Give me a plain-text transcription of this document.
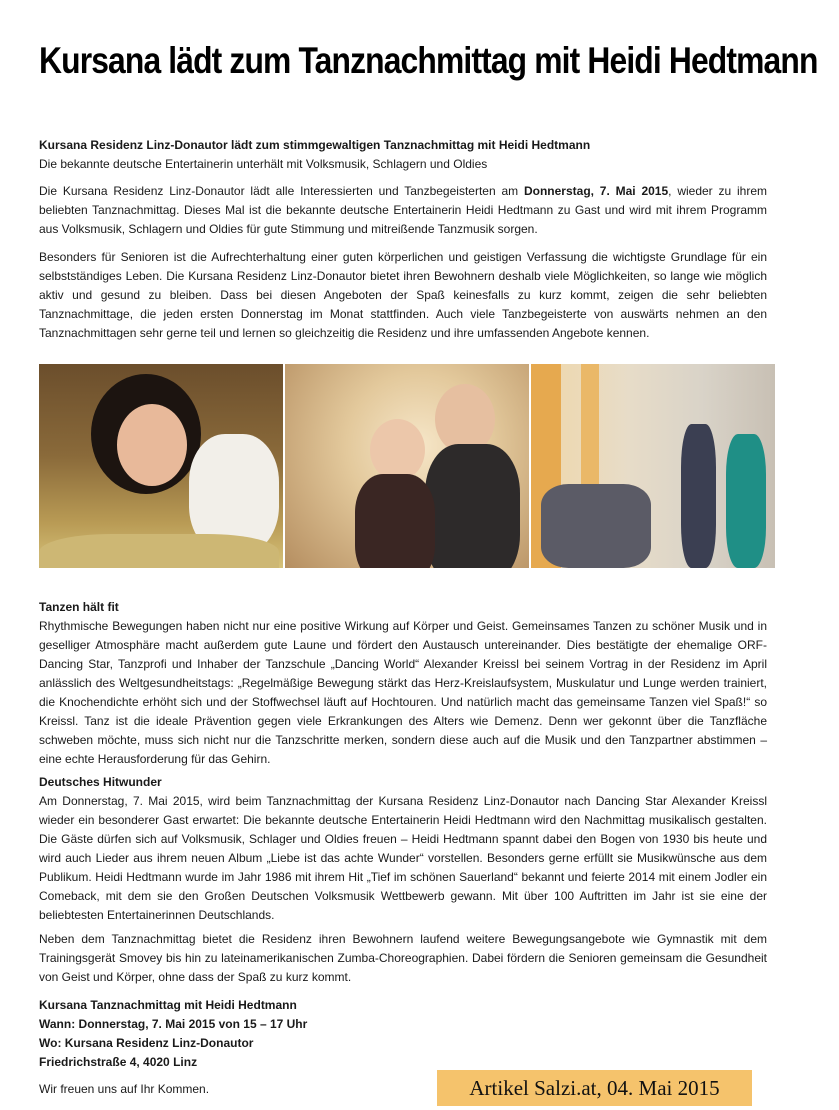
Kursana lädt zum Tanznachmittag mit Heidi Hedtmann

Kursana Residenz Linz-Donautor lädt zum stimmgewaltigen Tanznachmittag mit Heidi Hedtmann

Die bekannte deutsche Entertainerin unterhält mit Volksmusik, Schlagern und Oldies

Die Kursana Residenz Linz-Donautor lädt alle Interessierten und Tanzbegeisterten am Donnerstag, 7. Mai 2015, wieder zu ihrem beliebten Tanznachmittag. Dieses Mal ist die bekannte deutsche Entertainerin Heidi Hedtmann zu Gast und wird mit ihrem Programm aus Volksmusik, Schlagern und Oldies für gute Stimmung und mitreißende Tanzmusik sorgen.
Besonders für Senioren ist die Aufrechterhaltung einer guten körperlichen und geistigen Verfassung die wichtigste Grundlage für ein selbstständiges Leben. Die Kursana Residenz Linz-Donautor bietet ihren Bewohnern deshalb viele Möglichkeiten, so lange wie möglich aktiv und gesund zu bleiben. Dass bei diesen Angeboten der Spaß keinesfalls zu kurz kommt, zeigen die sehr beliebten Tanznachmittage, die jeden ersten Donnerstag im Monat stattfinden. Auch viele Tanzbegeisterte von auswärts nehmen an den Tanznachmittagen sehr gerne teil und lernen so gleichzeitig die Residenz und ihre umfassenden Angebote kennen.

Tanzen hält fit

Rhythmische Bewegungen haben nicht nur eine positive Wirkung auf Körper und Geist. Gemeinsames Tanzen zu schöner Musik und in geselliger Atmosphäre macht außerdem gute Laune und fördert den Austausch untereinander. Dies bestätigte der ehemalige ORF-Dancing Star, Tanzprofi und Inhaber der Tanzschule „Dancing World“ Alexander Kreissl bei seinem Vortrag in der Residenz im April anlässlich des Weltgesundheitstags: „Regelmäßige Bewegung stärkt das Herz-Kreislaufsystem, Muskulatur und Lunge werden trainiert, die Knochendichte erhöht sich und der Stoffwechsel läuft auf Hochtouren. Und natürlich macht das gemeinsame Tanzen viel Spaß!“ so Kreissl. Tanz ist die ideale Prävention gegen viele Erkrankungen des Alters wie Demenz. Denn wer gekonnt über die Tanzfläche schweben möchte, muss sich nicht nur die Tanzschritte merken, sondern diese auch auf die Musik und den Tanzpartner abstimmen – eine echte Herausforderung für das Gehirn.

Deutsches Hitwunder

Am Donnerstag, 7. Mai 2015, wird beim Tanznachmittag der Kursana Residenz Linz-Donautor nach Dancing Star Alexander Kreissl wieder ein besonderer Gast erwartet: Die bekannte deutsche Entertainerin Heidi Hedtmann wird den Nachmittag musikalisch gestalten. Die Gäste dürfen sich auf Volksmusik, Schlager und Oldies freuen – Heidi Hedtmann spannt dabei den Bogen von 1930 bis heute und wird auch Lieder aus ihrem neuen Album „Liebe ist das achte Wunder“ vorstellen. Besonders gerne erfüllt sie Musikwünsche aus dem Publikum. Heidi Hedtmann wurde im Jahr 1986 mit ihrem Hit „Tief im schönen Sauerland“ bekannt und feierte 2014 mit einem Jodler ein Comeback, mit dem sie den Großen Deutschen Volksmusik Wettbewerb gewann. Mit über 100 Auftritten im Jahr ist sie eine der beliebtesten Entertainerinnen Deutschlands.

Neben dem Tanznachmittag bietet die Residenz ihren Bewohnern laufend weitere Bewegungsangebote wie Gymnastik mit dem Trainingsgerät Smovey bis hin zu lateinamerikanischen Zumba-Choreographien. Dabei fördern die Senioren gemeinsam die Gesundheit von Geist und Körper, ohne dass der Spaß zu kurz kommt.

Kursana Tanznachmittag mit Heidi Hedtmann

Wann: Donnerstag, 7. Mai 2015 von 15 – 17 Uhr

Wo: Kursana Residenz Linz-Donautor

Friedrichstraße 4, 4020 Linz

Wir freuen uns auf Ihr Kommen.	Artikel Salzi.at, 04. Mai 2015
